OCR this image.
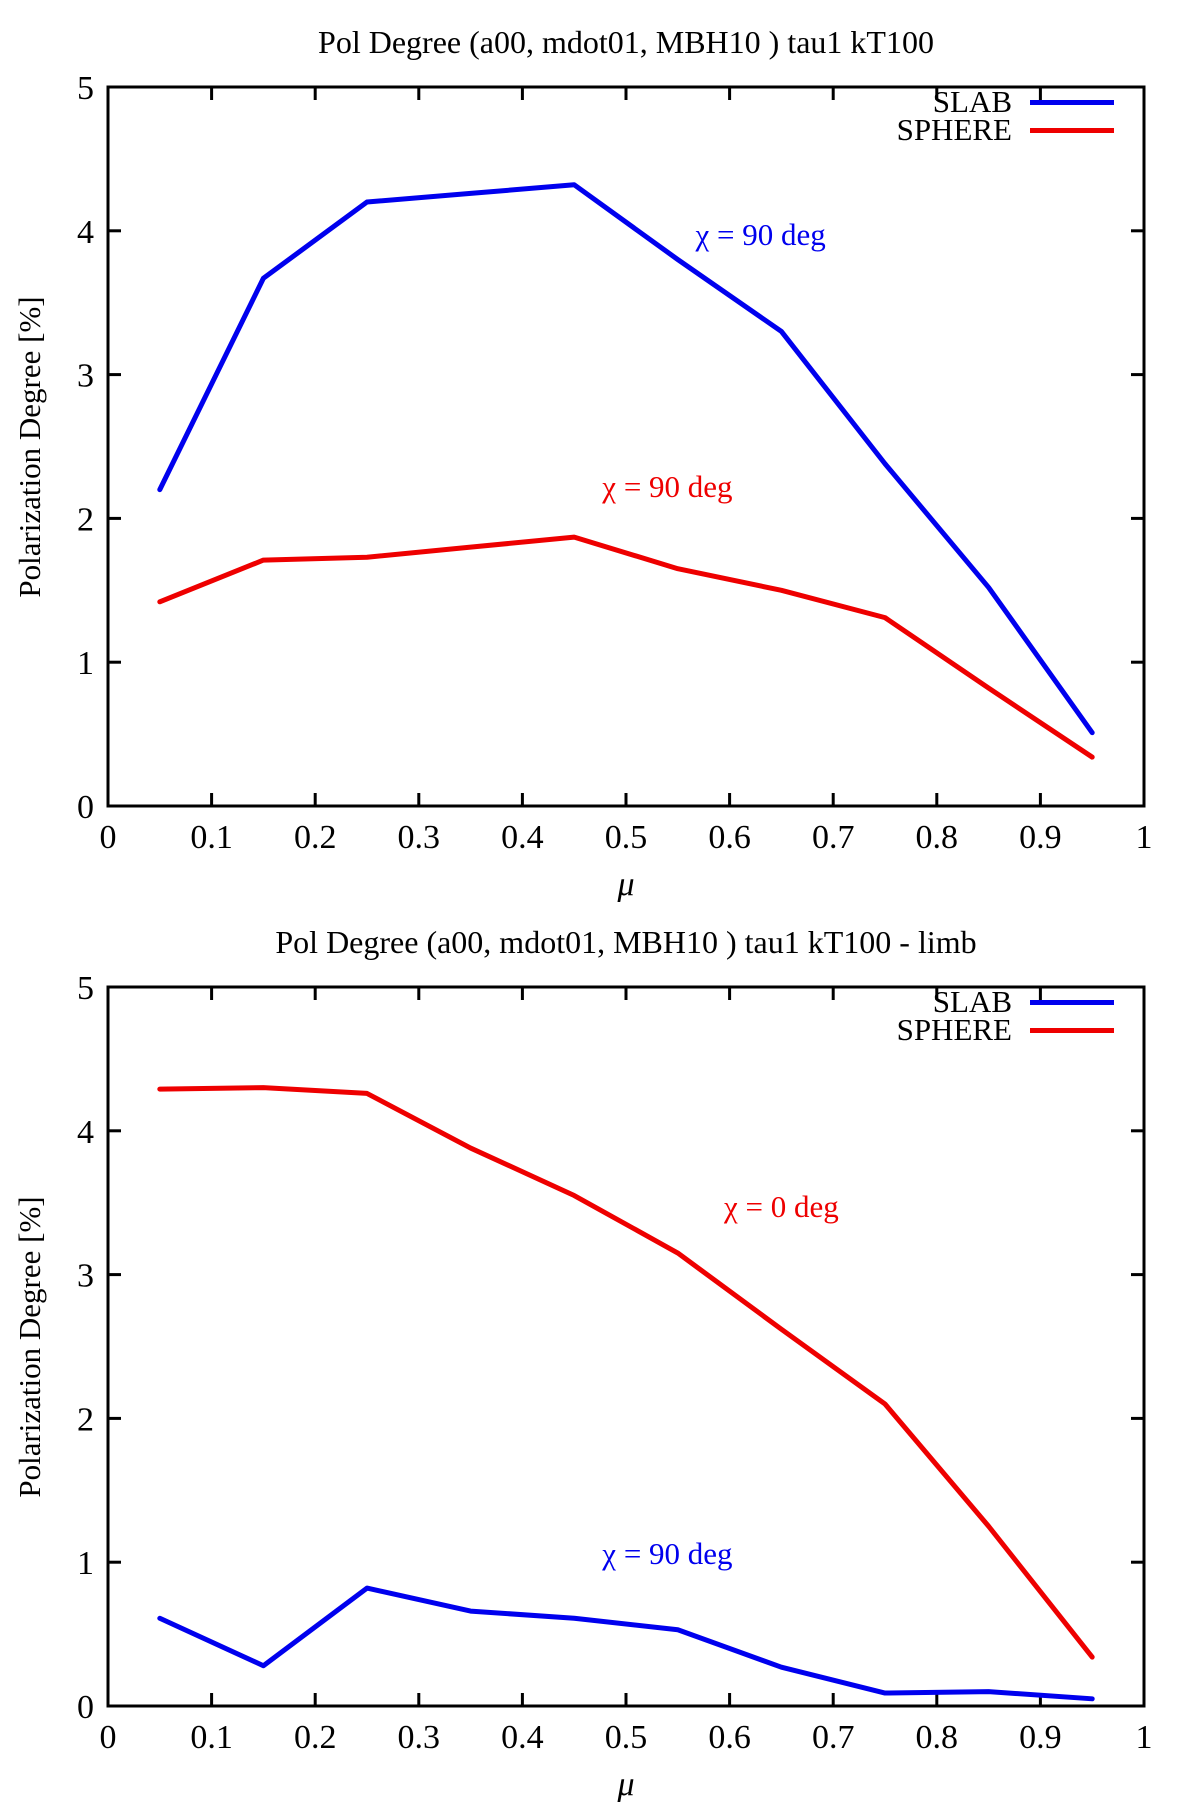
0 0.1 0.2 0.3 0.4 0.5 0.6 0.7 0.8 0.9 1
0
1
2
3
4
5
Pol Degree (a00, mdot01, MBH10 ) tau1 kT100
Polarization Degree [%]
μ
SLAB
SPHERE
χ = 90 deg
χ = 90 deg
0 0.1 0.2 0.3 0.4 0.5 0.6 0.7 0.8 0.9 1
0
1
2
3
4
5
Pol Degree (a00, mdot01, MBH10 ) tau1 kT100 - limb
Polarization Degree [%]
μ
SLAB
SPHERE
χ = 90 deg
χ = 0 deg
